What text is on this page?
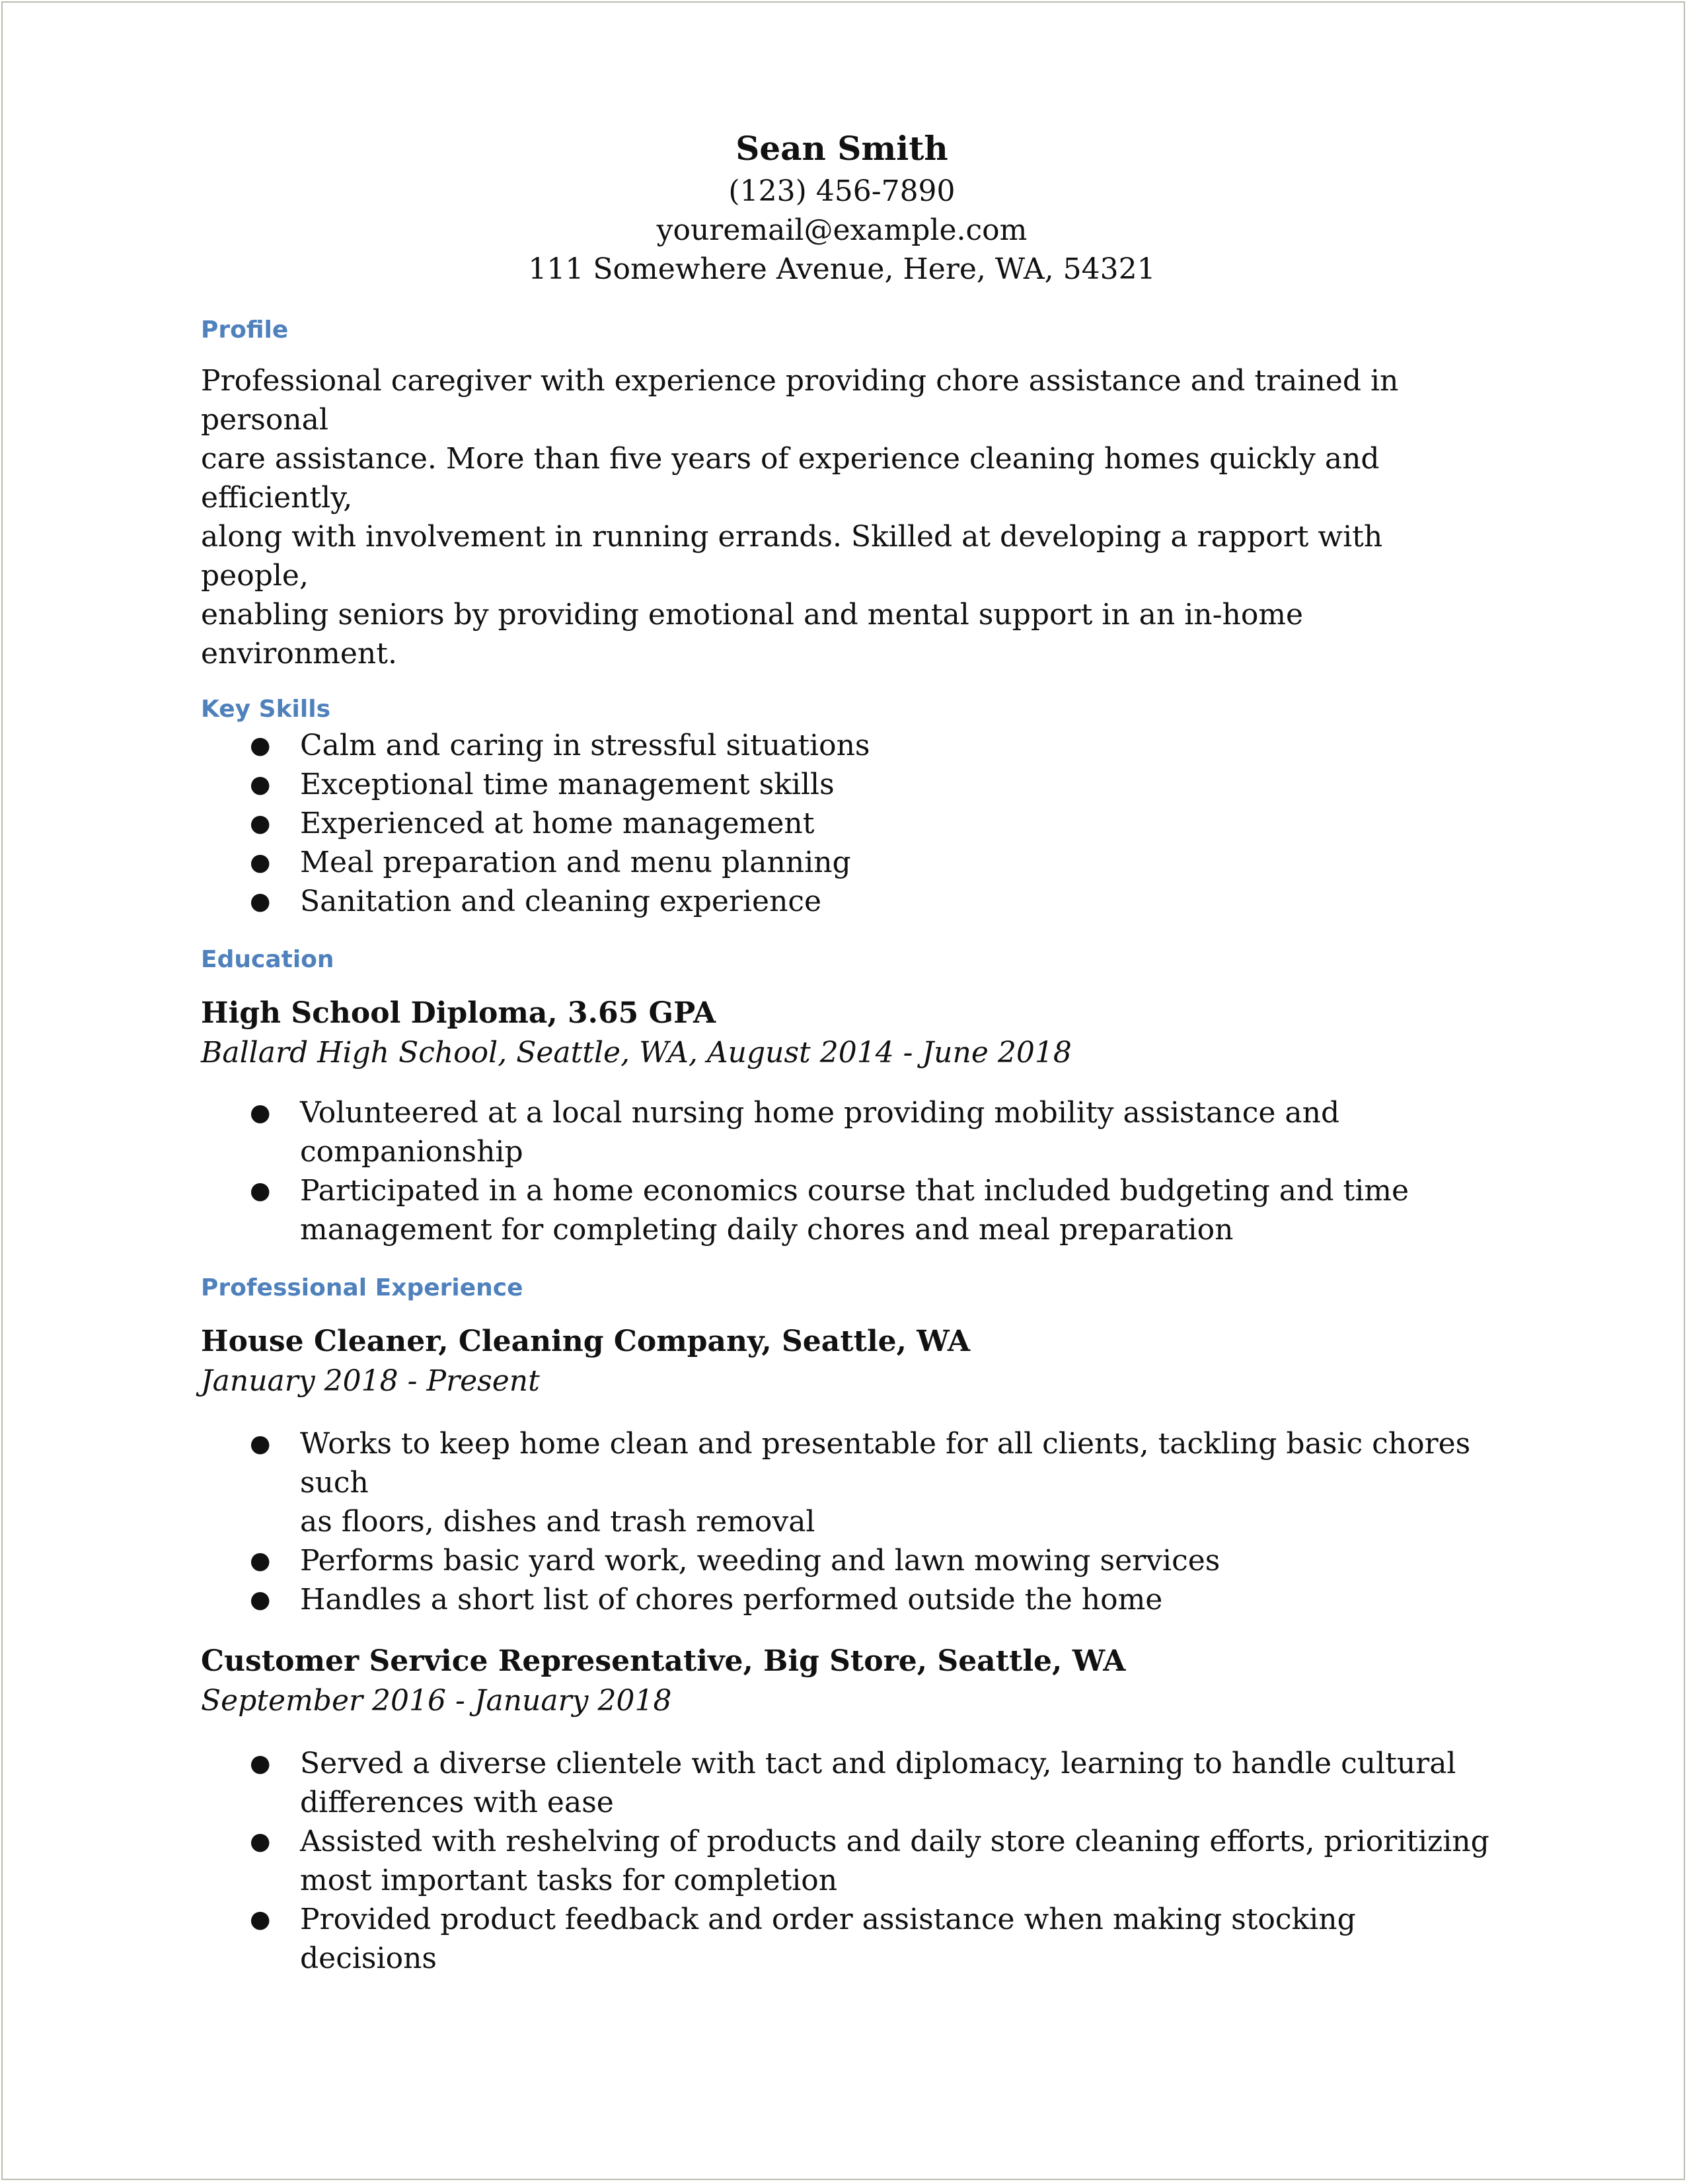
Sean Smith
(123) 456-7890
youremail@example.com
111 Somewhere Avenue, Here, WA, 54321
Profile
Professional caregiver with experience providing chore assistance and trained in personal
care assistance. More than five years of experience cleaning homes quickly and efficiently,
along with involvement in running errands. Skilled at developing a rapport with people,
enabling seniors by providing emotional and mental support in an in-home environment.
Key Skills
● Calm and caring in stressful situations
● Exceptional time management skills
● Experienced at home management
● Meal preparation and menu planning
● Sanitation and cleaning experience
Education
High School Diploma, 3.65 GPA
Ballard High School, Seattle, WA, August 2014 - June 2018
● Volunteered at a local nursing home providing mobility assistance and
companionship
● Participated in a home economics course that included budgeting and time
management for completing daily chores and meal preparation
Professional Experience
House Cleaner, Cleaning Company, Seattle, WA
January 2018 - Present
● Works to keep home clean and presentable for all clients, tackling basic chores such
as floors, dishes and trash removal
● Performs basic yard work, weeding and lawn mowing services
● Handles a short list of chores performed outside the home
Customer Service Representative, Big Store, Seattle, WA
September 2016 - January 2018
● Served a diverse clientele with tact and diplomacy, learning to handle cultural
differences with ease
● Assisted with reshelving of products and daily store cleaning efforts, prioritizing
most important tasks for completion
● Provided product feedback and order assistance when making stocking decisions
